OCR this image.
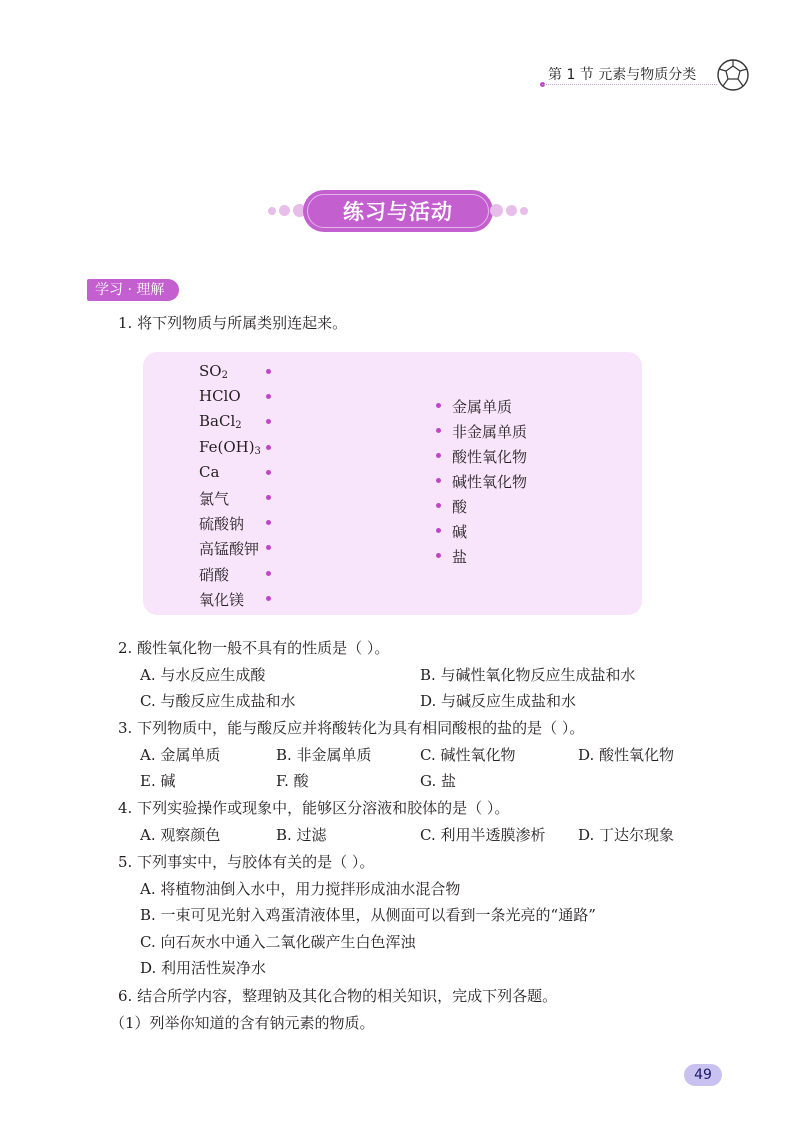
第 1 节 元素与物质分类
练习与活动
学习 · 理解
1. 将下列物质与所属类别连起来。
$SO_2$
HClO
BaCl$_2$
$Fe(OH)_3$
Ca
氯气
硫酸钠
高锰酸钾
硝酸
氧化镁
金属单质
非金属单质
酸性氧化物
碱性氧化物
酸
碱
盐
2. 酸性氧化物一般不具有的性质是（ ）。
A. 与水反应生成酸	B. 与碱性氧化物反应生成盐和水
C. 与酸反应生成盐和水	D. 与碱反应生成盐和水
3. 下列物质中，能与酸反应并将酸转化为具有相同酸根的盐的是（ ）。
A. 金属单质	B. 非金属单质	C. 碱性氧化物	D. 酸性氧化物
E. 碱	F. 酸	G. 盐
4. 下列实验操作或现象中，能够区分溶液和胶体的是（ ）。
A. 观察颜色	B. 过滤	C. 利用半透膜渗析 D. 丁达尔现象
5. 下列事实中，与胶体有关的是（ ）。
A. 将植物油倒入水中，用力搅拌形成油水混合物
B. 一束可见光射入鸡蛋清液体里，从侧面可以看到一条光亮的“通路”
C. 向石灰水中通入二氧化碳产生白色浑浊
D. 利用活性炭净水
6. 结合所学内容，整理钠及其化合物的相关知识，完成下列各题。
（1）列举你知道的含有钠元素的物质。
49
